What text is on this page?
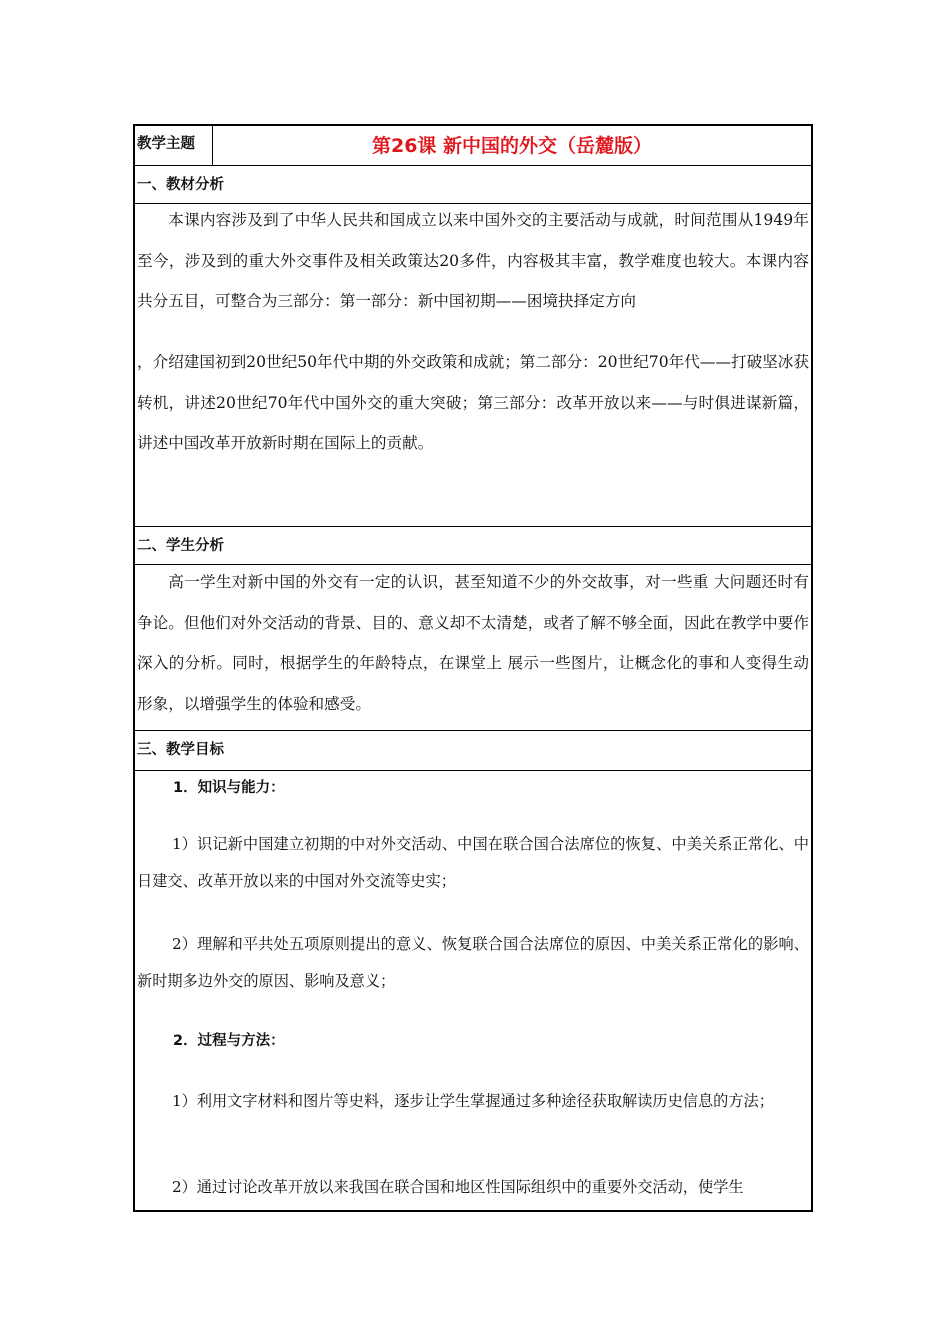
教学主题	第26课 新中国的外交（岳麓版）
一、教材分析
本课内容涉及到了中华人民共和国成立以来中国外交的主要活动与成就，时间范围从1949年至今，涉及到的重大外交事件及相关政策达20多件，内容极其丰富，教学难度也较大。本课内容共分五目，可整合为三部分：第一部分：新中国初期——困境抉择定方向
，介绍建国初到20世纪50年代中期的外交政策和成就；第二部分：20世纪70年代——打破坚冰获转机，讲述20世纪70年代中国外交的重大突破；第三部分：改革开放以来——与时俱进谋新篇，讲述中国改革开放新时期在国际上的贡献。
二、学生分析
高一学生对新中国的外交有一定的认识，甚至知道不少的外交故事，对一些重 大问题还时有争论。但他们对外交活动的背景、目的、意义却不太清楚，或者了解不够全面，因此在教学中要作深入的分析。同时，根据学生的年龄特点，在课堂上 展示一些图片，让概念化的事和人变得生动形象，以增强学生的体验和感受。
三、教学目标
1．知识与能力：
1）识记新中国建立初期的中对外交活动、中国在联合国合法席位的恢复、中美关系正常化、中日建交、改革开放以来的中国对外交流等史实；
2）理解和平共处五项原则提出的意义、恢复联合国合法席位的原因、中美关系正常化的影响、新时期多边外交的原因、影响及意义；
2．过程与方法：
1）利用文字材料和图片等史料，逐步让学生掌握通过多种途径获取解读历史信息的方法；
2）通过讨论改革开放以来我国在联合国和地区性国际组织中的重要外交活动，使学生
